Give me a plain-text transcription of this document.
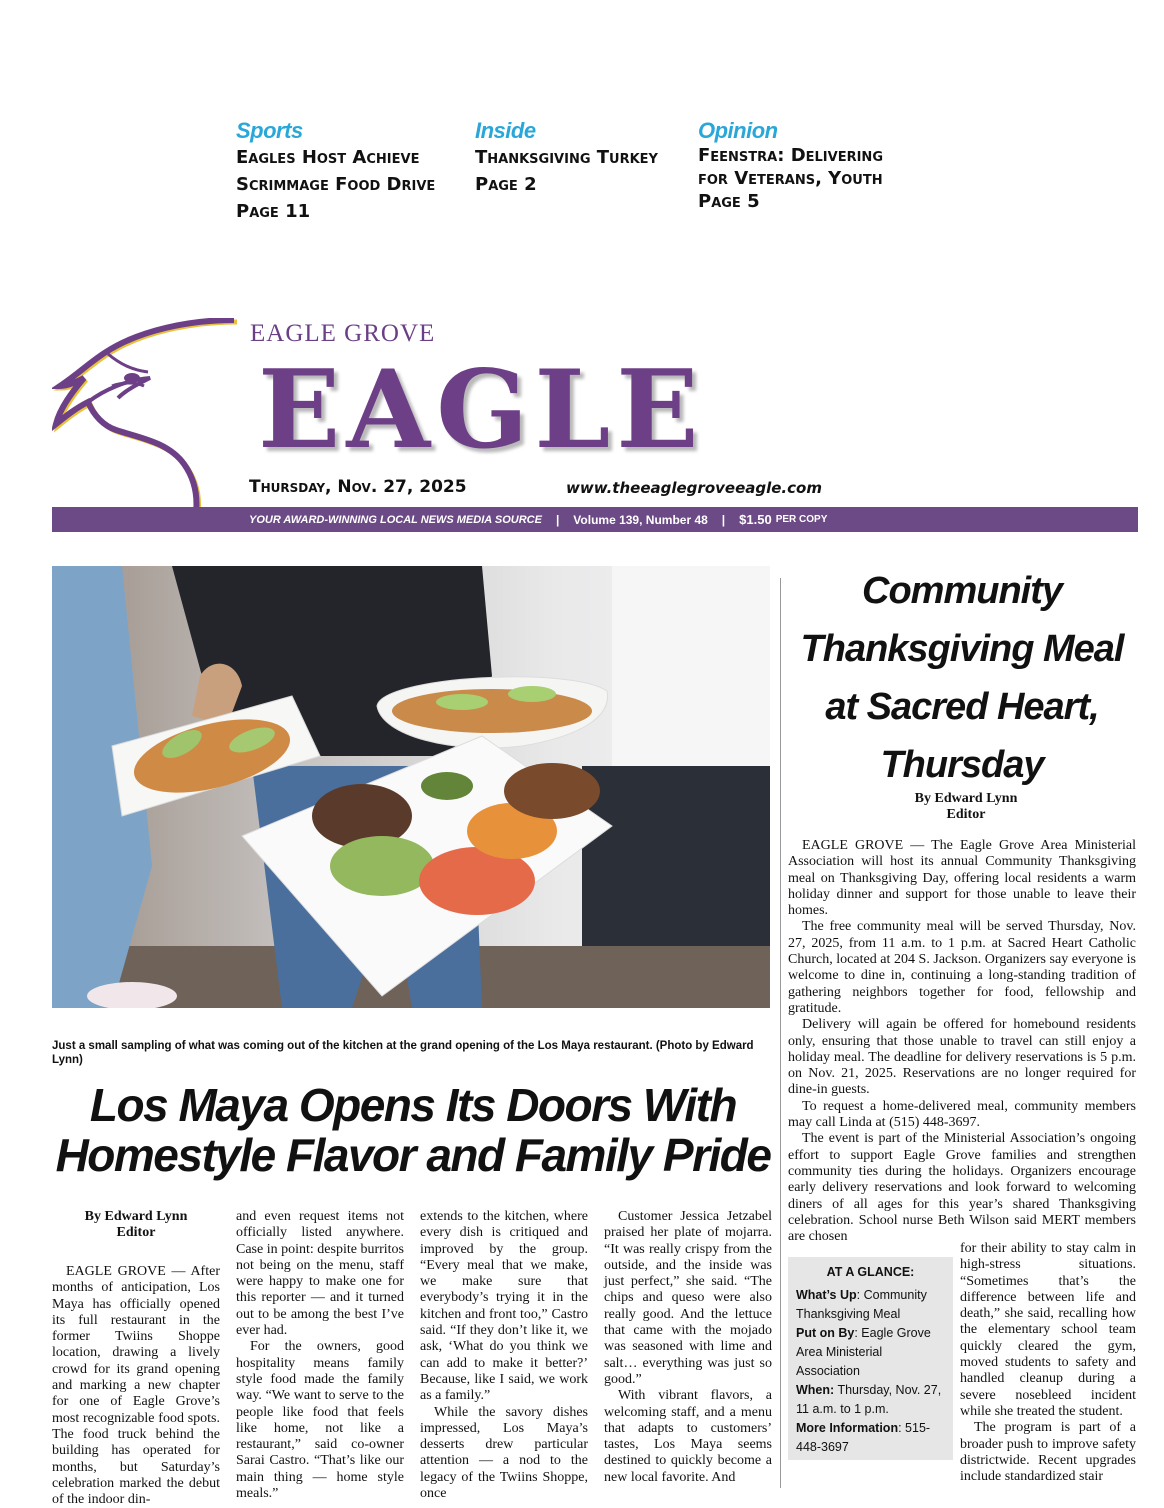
Sports
Eagles Host Achieve Scrimmage Food Drive
Page 11
Inside
Thanksgiving Turkey
Page 2
Opinion
Feenstra: Delivering for Veterans, Youth
Page 5
EAGLE GROVE
EAGLE
Thursday, Nov. 27, 2025	www.theeaglegroveeagle.com
YOUR AWARD-WINNING LOCAL NEWS MEDIA SOURCE | Volume 139, Number 48 | $1.50 PER COPY
Just a small sampling of what was coming out of the kitchen at the grand opening of the Los Maya restaurant. (Photo by Edward Lynn)
Los Maya Opens Its Doors With
Homestyle Flavor and Family Pride
By Edward Lynn
Editor

EAGLE GROVE — After months of anticipation, Los Maya has officially opened its full restaurant in the former Twiins Shoppe location, drawing a lively crowd for its grand opening and marking a new chapter for one of Eagle Grove’s most recognizable food spots. The food truck behind the building has operated for months, but Saturday’s celebration marked the debut of the indoor din-

and even request items not officially listed anywhere. Case in point: despite burritos not being on the menu, staff were happy to make one for this reporter — and it turned out to be among the best I’ve ever had.

For the owners, good hospitality means family style food made the family way. “We want to serve to the people like food that feels like home, not like a restaurant,” said co-owner Sarai Castro. “That’s like our main thing — home style meals.”

extends to the kitchen, where every dish is critiqued and improved by the group. “Every meal that we make, we make sure that everybody’s trying it in the kitchen and front too,” Castro said. “If they don’t like it, we ask, ‘What do you think we can add to make it better?’ Because, like I said, we work as a family.”

While the savory dishes impressed, Los Maya’s desserts drew particular attention — a nod to the legacy of the Twiins Shoppe, once

Customer Jessica Jetzabel praised her plate of mojarra. “It was really crispy from the outside, and the inside was just perfect,” she said. “The chips and queso were also really good. And the lettuce that came with the mojado was seasoned with lime and salt… everything was just so good.”

With vibrant flavors, a welcoming staff, and a menu that adapts to customers’ tastes, Los Maya seems destined to quickly become a new local favorite. And

Community
Thanksgiving Meal
at Sacred Heart,
Thursday
By Edward Lynn
Editor

EAGLE GROVE — The Eagle Grove Area Ministerial Association will host its annual Community Thanksgiving meal on Thanksgiving Day, offering local residents a warm holiday dinner and support for those unable to leave their homes.

The free community meal will be served Thursday, Nov. 27, 2025, from 11 a.m. to 1 p.m. at Sacred Heart Catholic Church, located at 204 S. Jackson. Organizers say everyone is welcome to dine in, continuing a long-standing tradition of gathering neighbors together for food, fellowship and gratitude.

Delivery will again be offered for homebound residents only, ensuring that those unable to travel can still enjoy a holiday meal. The deadline for delivery reservations is 5 p.m. on Nov. 21, 2025. Reservations are no longer required for dine-in guests.

To request a home-delivered meal, community members may call Linda at (515) 448-3697.

The event is part of the Ministerial Association’s ongoing effort to support Eagle Grove families and strengthen community ties during the holidays. Organizers encourage early delivery reservations and look forward to welcoming diners of all ages for this year’s shared Thanksgiving celebration. School nurse Beth Wilson said MERT members are chosen

AT A GLANCE:
What’s Up: Community Thanksgiving Meal
Put on By: Eagle Grove Area Ministerial Association
When: Thursday, Nov. 27, 11 a.m. to 1 p.m.
More Information: 515-448-3697

for their ability to stay calm in high-stress situations. “Sometimes that’s the difference between life and death,” she said, recalling how the elementary school team quickly cleared the gym, moved students to safety and handled cleanup during a severe nosebleed incident while she treated the student.

The program is part of a broader push to improve safety districtwide. Recent upgrades include standardized stair
